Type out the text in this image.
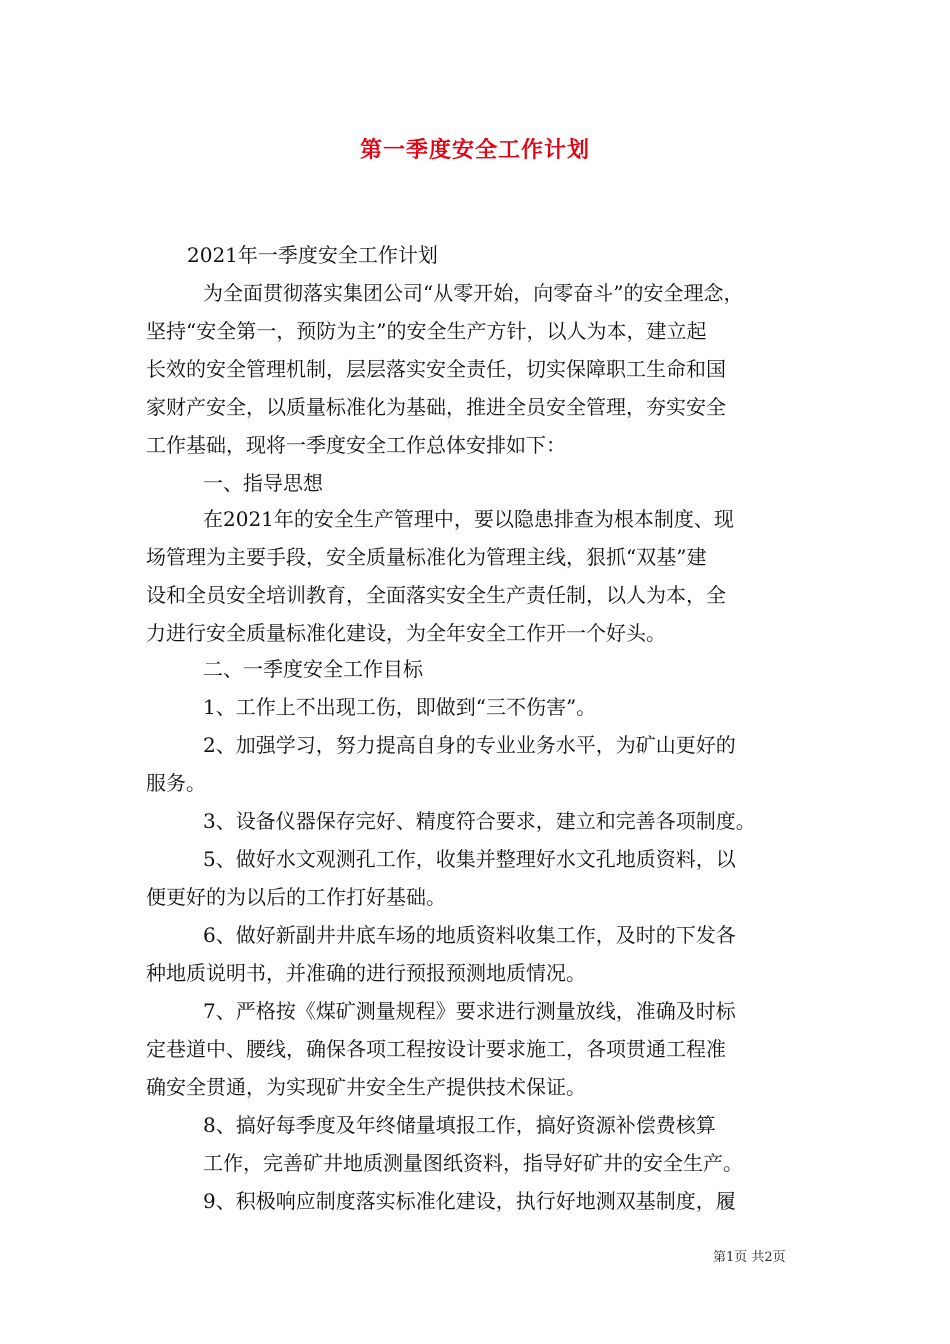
第一季度安全工作计划
2021年一季度安全工作计划
为全面贯彻落实集团公司“从零开始，向零奋斗”的安全理念，
坚持“安全第一，预防为主”的安全生产方针，以人为本，建立起
长效的安全管理机制，层层落实安全责任，切实保障职工生命和国
家财产安全，以质量标准化为基础，推进全员安全管理，夯实安全
工作基础，现将一季度安全工作总体安排如下：
一、指导思想
在2021年的安全生产管理中，要以隐患排查为根本制度、现
场管理为主要手段，安全质量标准化为管理主线，狠抓“双基”建
设和全员安全培训教育，全面落实安全生产责任制，以人为本，全
力进行安全质量标准化建设，为全年安全工作开一个好头。
二、一季度安全工作目标
1、工作上不出现工伤，即做到“三不伤害”。
2、加强学习，努力提高自身的专业业务水平，为矿山更好的
服务。
3、设备仪器保存完好、精度符合要求，建立和完善各项制度。
5、做好水文观测孔工作，收集并整理好水文孔地质资料，以
便更好的为以后的工作打好基础。
6、做好新副井井底车场的地质资料收集工作，及时的下发各
种地质说明书，并准确的进行预报预测地质情况。
7、严格按《煤矿测量规程》要求进行测量放线，准确及时标
定巷道中、腰线，确保各项工程按设计要求施工，各项贯通工程准
确安全贯通，为实现矿井安全生产提供技术保证。
8、搞好每季度及年终储量填报工作，搞好资源补偿费核算
工作，完善矿井地质测量图纸资料，指导好矿井的安全生产。
9、积极响应制度落实标准化建设，执行好地测双基制度，履
第1页 共2页
